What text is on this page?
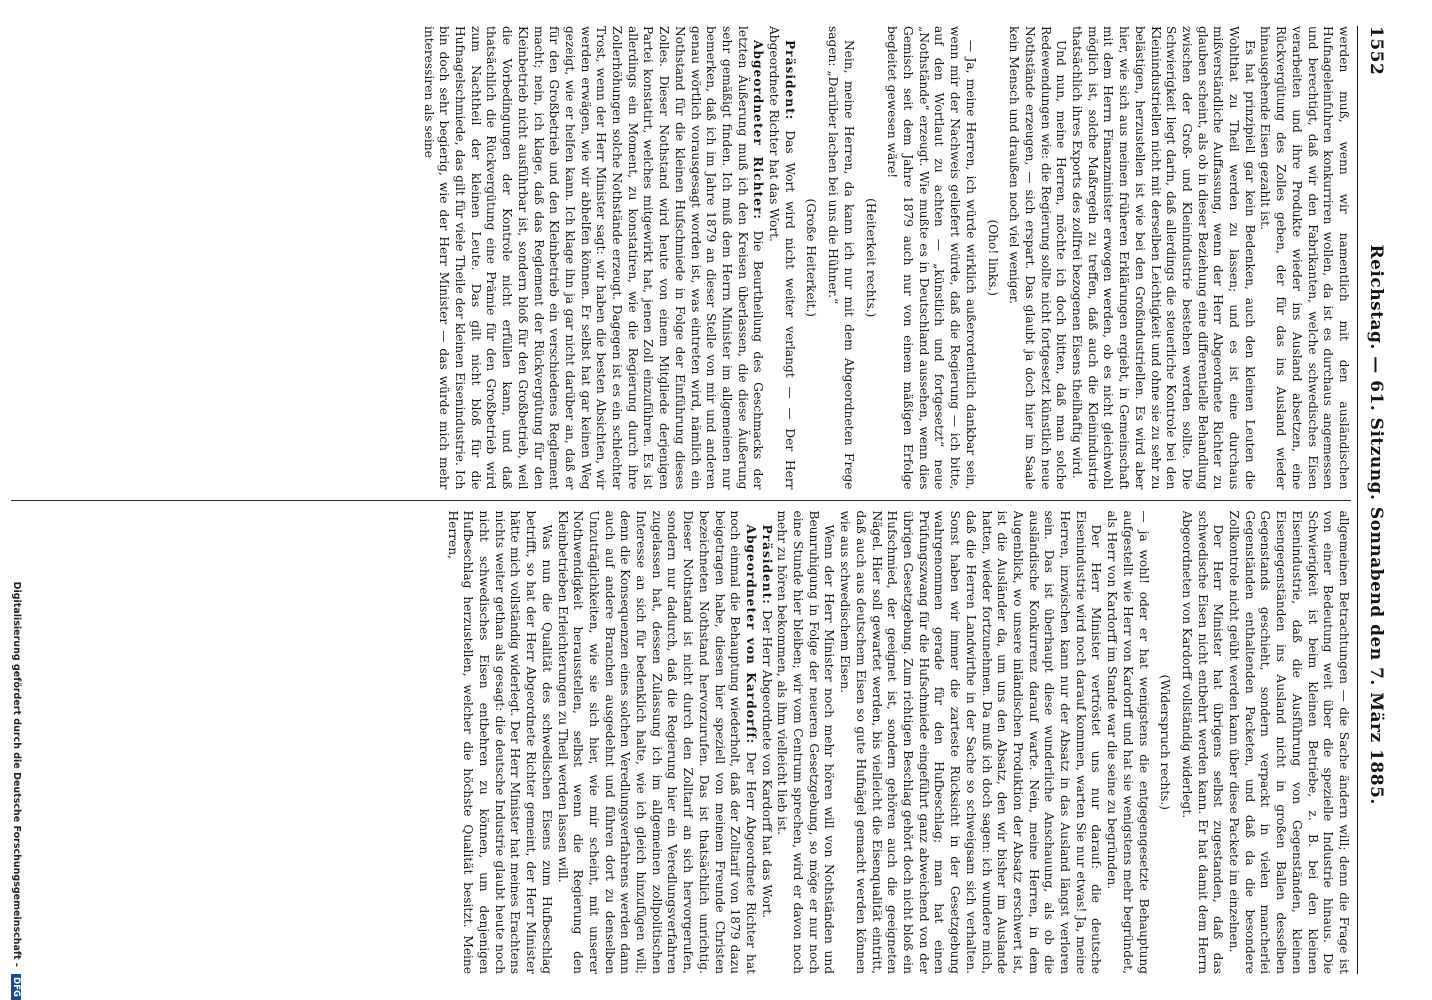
1552
Reichstag. — 61. Sitzung. Sonnabend den 7. März 1885.

werden muß, wenn wir namentlich mit den ausländischen Hufnageleinfuhren konkurriren wollen, da ist es durchaus angemessen und berechtigt, daß wir den Fabrikanten, welche schwedisches Eisen verarbeiten und ihre Produkte wieder ins Ausland absetzen, eine Rückvergütung des Zolles geben, der für das ins Ausland wieder hinausgehende Eisen gezahlt ist.

Es hat prinzipiell gar kein Bedenken, auch den kleinen Leuten die Wohlthat zu Theil werden zu lassen; und es ist eine durchaus mißverständliche Auffassung, wenn der Herr Abgeordnete Richter zu glauben scheint, als ob in dieser Beziehung eine differentielle Behandlung zwischen der Groß- und Kleinindustrie bestehen werden sollte. Die Schwierigkeit liegt darin, daß allerdings die steuerliche Kontrole bei den Kleinindustriellen nicht mit derselben Leichtigkeit und ohne sie zu sehr zu belästigen, herzustellen ist wie bei den Großindustriellen. Es wird aber hier, wie sich aus meinen früheren Erklärungen ergiebt, in Gemeinschaft mit dem Herrn Finanzminister erwogen werden, ob es nicht gleichwohl möglich ist, solche Maßregeln zu treffen, daß auch die Kleinindustrie thatsächlich ihres Exports des zollfrei bezogenen Eisens theilhaftig wird.

Und nun, meine Herren, möchte ich doch bitten, daß man solche Redewendungen wie: die Regierung sollte nicht fortgesetzt künstlich neue Nothstände erzeugen, — sich erspart. Das glaubt ja doch hier im Saale kein Mensch und draußen noch viel weniger.

(Oho! links.)

— Ja, meine Herren, ich würde wirklich außerordentlich dankbar sein, wenn mir der Nachweis geliefert würde, daß die Regierung — ich bitte, auf den Wortlaut zu achten — „künstlich und fortgesetzt“ neue „Nothstände“ erzeugt. Wie mußte es in Deutschland aussehen, wenn dies Gemisch seit dem Jahre 1879 auch nur von einem mäßigen Erfolge begleitet gewesen wäre!

(Heiterkeit rechts.)

Nein, meine Herren, da kann ich nur mit dem Abgeordneten Frege sagen: „Darüber lachen bei uns die Hühner.“

(Große Heiterkeit.)

Präsident: Das Wort wird nicht weiter verlangt — — Der Herr Abgeordnete Richter hat das Wort.

Abgeordneter Richter: Die Beurtheilung des Geschmacks der letzten Äußerung muß ich den Kreisen überlassen, die diese Äußerung sehr gemäßigt finden. Ich muß dem Herrn Minister im allgemeinen nur bemerken, daß ich im Jahre 1879 an dieser Stelle von mir und anderen genau wörtlich vorausgesagt worden ist, was eintreten wird, nämlich ein Nothstand für die kleinen Hufschmiede in Folge der Einführung dieses Zolles. Dieser Nothstand wird heute von einem Mitgliede derjenigen Partei konstatirt, welches mitgewirkt hat, jenen Zoll einzuführen. Es ist allerdings ein Moment, zu konstatiren, wie die Regierung durch ihre Zollerhöhungen solche Nothstände erzeugt. Dagegen ist es ein schlechter Trost, wenn der Herr Minister sagt: wir haben die besten Absichten, wir werden erwägen, wie wir abhelfen können. Er selbst hat gar keinen Weg gezeigt, wie er helfen kann. Ich klage ihn ja gar nicht darüber an, daß er für den Großbetrieb und den Kleinbetrieb ein verschiedenes Reglement macht; nein, ich klage, daß das Reglement der Rückvergütung für den Kleinbetrieb nicht ausführbar ist, sondern bloß für den Großbetrieb, weil die Vorbedingungen der Kontrole nicht erfüllen kann, und daß thatsächlich die Rückvergütung eine Prämie für den Großbetrieb wird zum Nachtheil der kleinen Leute. Das gilt nicht bloß für die Hufnagelschmiede, das gilt für viele Theile der kleinen Eisenindustrie. Ich bin doch sehr begierig, wie der Herr Minister — das würde mich mehr interessiren als seine

allgemeinen Betrachtungen — die Sache ändern will; denn die Frage ist von einer Bedeutung weit über die spezielle Industrie hinaus. Die Schwierigkeit ist beim kleinen Betriebe, z. B. bei den kleinen Eisenindustrie, daß die Ausführung von Gegenständen, kleinen Eisengegenständen ins Ausland nicht in großen Ballen desselben Gegenstands geschieht, sondern verpackt in vielen mancherlei Gegenständen enthaltenden Packeten, und daß da die besondere Zollkontrole nicht geübt werden kann über diese Packete im einzelnen.

Der Herr Minister hat übrigens selbst zugestanden, daß das schwedische Eisen nicht entbehrt werden kann. Er hat damit dem Herrn Abgeordneten von Kardorff vollständig widerlegt.

(Widerspruch rechts.)

— ja wohl! oder er hat wenigstens die entgegengesetzte Behauptung aufgestellt wie Herr von Kardorff und hat sie wenigstens mehr begründet, als Herr von Kardorff im Stande war die seine zu begründen.

Der Herr Minister vertröstet uns nur darauf: die deutsche Eisenindustrie wird noch darauf kommen, warten Sie nur etwas! Ja, meine Herren, inzwischen kann nur der Absatz in das Ausland längst verloren sein. Das ist überhaupt diese wunderliche Anschauung, als ob die ausländische Konkurrenz darauf warte. Nein, meine Herren, in dem Augenblick, wo unsere inländischen Produktion der Absatz erschwert ist, ist die Ausländer da, um uns den Absatz, den wir bisher im Auslande hatten, wieder fortzunehmen. Da muß ich doch sagen: ich wundere mich, daß die Herren Landwirthe in der Sache so schweigsam sich verhalten. Sonst haben wir immer die zarteste Rücksicht in der Gesetzgebung wahrgenommen gerade für den Hufbeschlag; man hat einen Prüfungszwang für die Hufschmiede eingeführt ganz abweichend von der übrigen Gesetzgebung. Zum richtigen Beschlag gehört doch nicht bloß ein Hufschmied, der geeignet ist, sondern gehören auch die geeigneten Nägel. Hier soll gewartet werden, bis vielleicht die Eisenqualität eintritt, daß auch aus deutschem Eisen so gute Hufnägel gemacht werden können wie aus schwedischem Eisen.

Wenn der Herr Minister noch mehr hören will von Nothständen und Beunruhigung in Folge der neueren Gesetzgebung, so möge er nur noch eine Stunde hier bleiben; wir vom Centrum sprechen, wird er davon noch mehr zu hören bekommen, als ihm vielleicht lieb ist.

Präsident: Der Herr Abgeordnete von Kardorff hat das Wort.

Abgeordneter von Kardorff: Der Herr Abgeordnete Richter hat noch einmal die Behauptung wiederholt, daß der Zolltarif von 1879 dazu beigetragen habe, diesen hier speziell von meinem Freunde Christen bezeichneten Nothstand hervorzurufen. Das ist thatsächlich unrichtig. Dieser Nothstand ist nicht durch den Zolltarif an sich hervorgerufen, sondern nur dadurch, daß die Regierung hier ein Veredlungsverfahren zugelassen hat, dessen Zulassung ich im allgemeinen zollpolitischen Interesse an sich für bedenklich halte, wie ich gleich hinzufügen will; denn die Konsequenzen eines solchen Veredlungsverfahrens werden dann auch auf andere Branchen ausgedehnt und führen dort zu denselben Unzuträglichkeiten, wie sie sich hier, wie mir scheint, mit unserer Nothwendigkeit herausstellen, selbst wenn die Regierung den Kleinbetrieben Erleichterungen zu Theil werden lassen will.

Was nun die Qualität des schwedischen Eisens zum Hufbeschlag betrifft, so hat der Herr Abgeordnete Richter gemeint, der Herr Minister hätte mich vollständig widerlegt. Der Herr Minister hat meines Erachtens nichts weiter gethan als gesagt: die deutsche Industrie glaubt heute noch nicht schwedisches Eisen entbehren zu können, um denjenigen Hufbeschlag herzustellen, welcher die höchste Qualität besitzt. Meine Herren,

Digitalisierung gefördert durch die Deutsche Forschungsgemeinschaft - DFG
